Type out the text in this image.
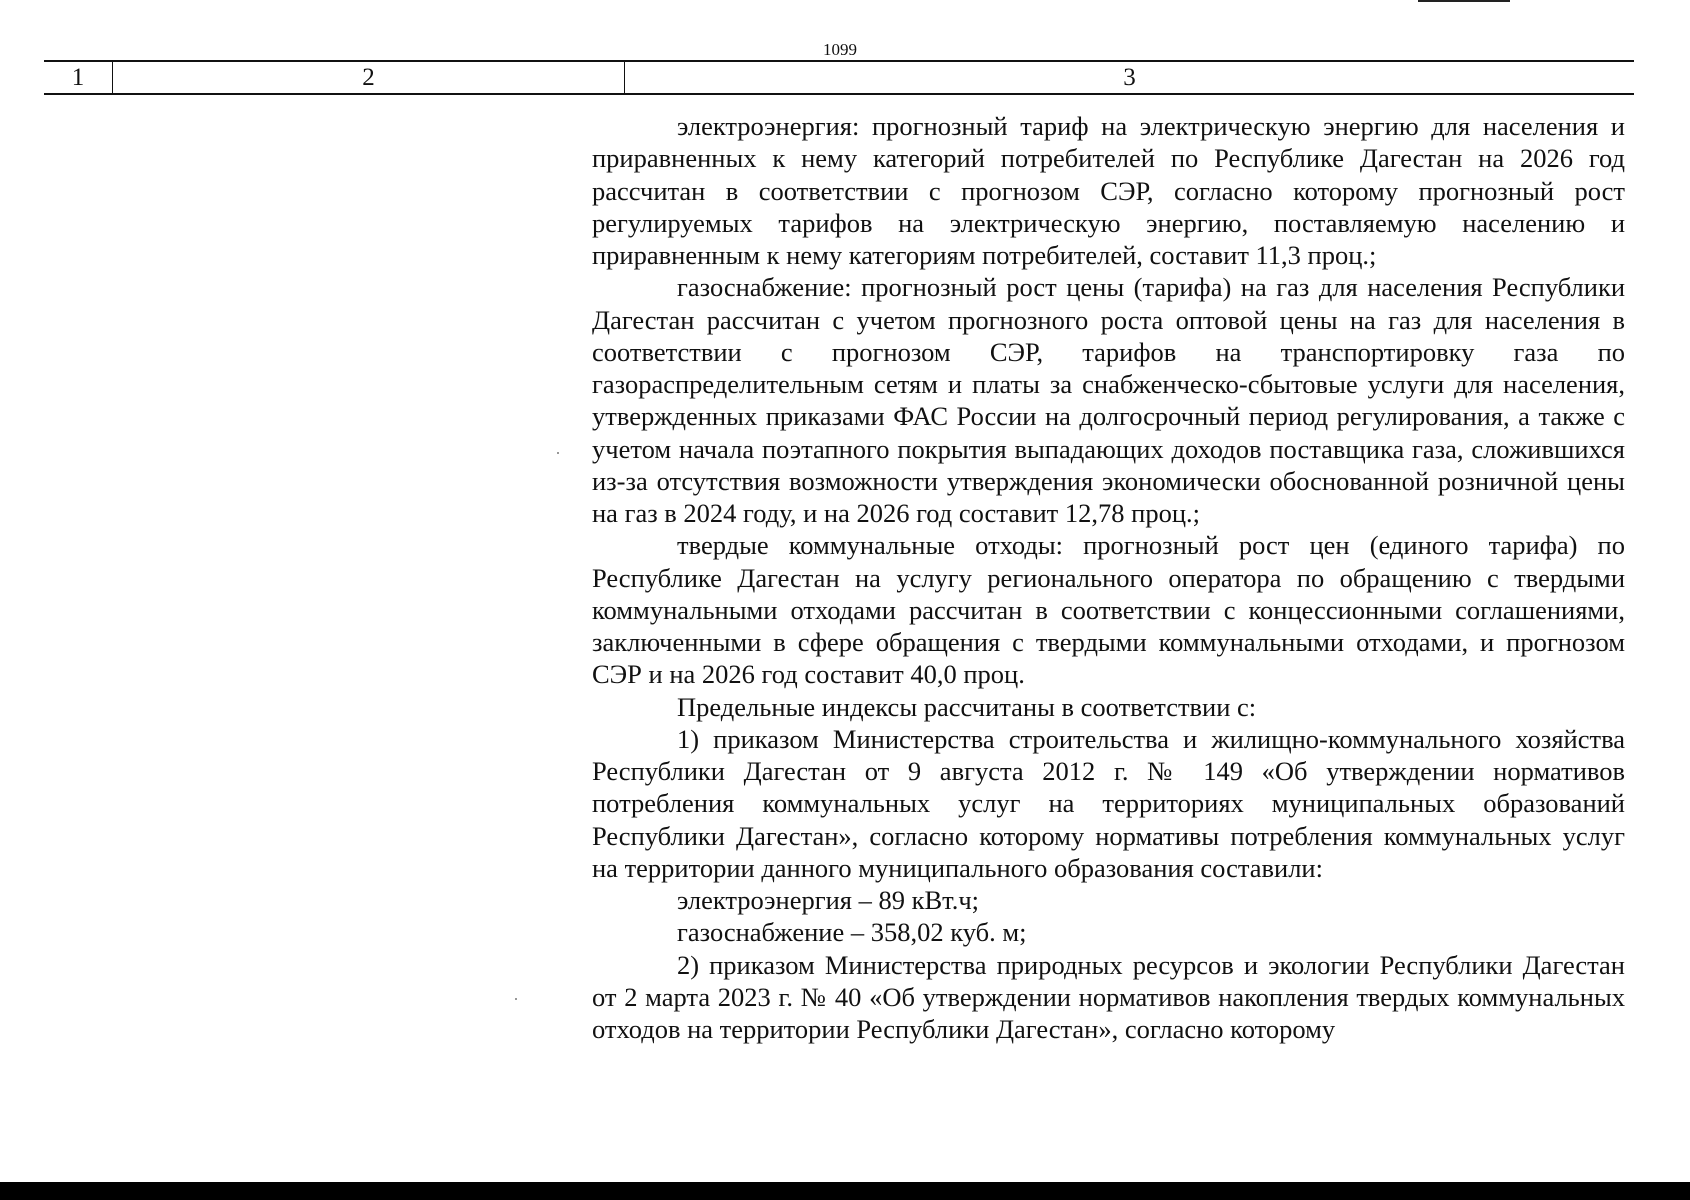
1099
1	2	3

электроэнергия: прогнозный тариф на электрическую энергию для населения и приравненных к нему категорий потребителей по Республике Дагестан на 2026 год рассчитан в соответствии с прогнозом СЭР, согласно которому прогнозный рост регулируемых тарифов на электрическую энергию, поставляемую населению и приравненным к нему категориям потребителей, составит 11,3 проц.;

газоснабжение: прогнозный рост цены (тарифа) на газ для населения Республики Дагестан рассчитан с учетом прогнозного роста оптовой цены на газ для населения в соответствии с прогнозом СЭР, тарифов на транспортировку газа по газораспределительным сетям и платы за снабженческо-сбытовые услуги для населения, утвержденных приказами ФАС России на долгосрочный период регулирования, а также с учетом начала поэтапного покрытия выпадающих доходов поставщика газа, сложившихся из-за отсутствия возможности утверждения экономически обоснованной розничной цены на газ в 2024 году, и на 2026 год составит 12,78 проц.;

твердые коммунальные отходы: прогнозный рост цен (единого тарифа) по Республике Дагестан на услугу регионального оператора по обращению с твердыми коммунальными отходами рассчитан в соответствии с концессионными соглашениями, заключенными в сфере обращения с твердыми коммунальными отходами, и прогнозом СЭР и на 2026 год составит 40,0 проц.

Предельные индексы рассчитаны в соответствии с:

1) приказом Министерства строительства и жилищно-коммунального хозяйства Республики Дагестан от 9 августа 2012 г. № 149 «Об утверждении нормативов потребления коммунальных услуг на территориях муниципальных образований Республики Дагестан», согласно которому нормативы потребления коммунальных услуг на территории данного муниципального образования составили:

электроэнергия – 89 кВт.ч;

газоснабжение – 358,02 куб. м;

2) приказом Министерства природных ресурсов и экологии Республики Дагестан от 2 марта 2023 г. № 40 «Об утверждении нормативов накопления твердых коммунальных отходов на территории Республики Дагестан», согласно которому
